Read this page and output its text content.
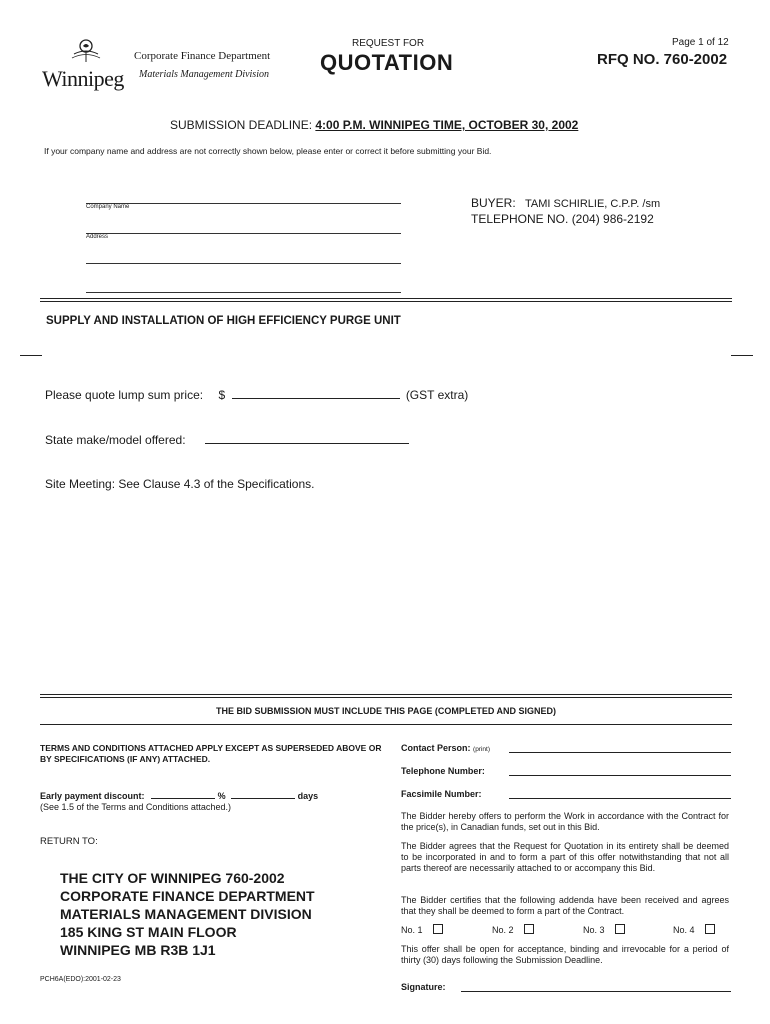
Winnipeg
Corporate Finance Department
Materials Management Division
REQUEST FOR
QUOTATION
Page 1 of 12
RFQ NO. 760-2002
SUBMISSION DEADLINE: 4:00 P.M. WINNIPEG TIME, OCTOBER 30, 2002
If your company name and address are not correctly shown below, please enter or correct it before submitting your Bid.
Company Name
Address
BUYER: TAMI SCHIRLIE, C.P.P. /sm
TELEPHONE NO. (204) 986-2192
SUPPLY AND INSTALLATION OF HIGH EFFICIENCY PURGE UNIT
Please quote lump sum price: $	(GST extra)
State make/model offered:
Site Meeting: See Clause 4.3 of the Specifications.
THE BID SUBMISSION MUST INCLUDE THIS PAGE (COMPLETED AND SIGNED)
TERMS AND CONDITIONS ATTACHED APPLY EXCEPT AS SUPERSEDED ABOVE OR BY SPECIFICATIONS (IF ANY) ATTACHED.
Early payment discount:	%	days
(See 1.5 of the Terms and Conditions attached.)
RETURN TO:
THE CITY OF WINNIPEG 760-2002
CORPORATE FINANCE DEPARTMENT
MATERIALS MANAGEMENT DIVISION
185 KING ST MAIN FLOOR
WINNIPEG MB R3B 1J1
PCH6A(EDO):2001-02-23
Contact Person: (print)
Telephone Number:
Facsimile Number:
The Bidder hereby offers to perform the Work in accordance with the Contract for the price(s), in Canadian funds, set out in this Bid.
The Bidder agrees that the Request for Quotation in its entirety shall be deemed to be incorporated in and to form a part of this offer notwithstanding that not all parts thereof are necessarily attached to or accompany this Bid.
The Bidder certifies that the following addenda have been received and agrees that they shall be deemed to form a part of the Contract.
No. 1	No. 2	No. 3	No. 4
This offer shall be open for acceptance, binding and irrevocable for a period of thirty (30) days following the Submission Deadline.
Signature:
